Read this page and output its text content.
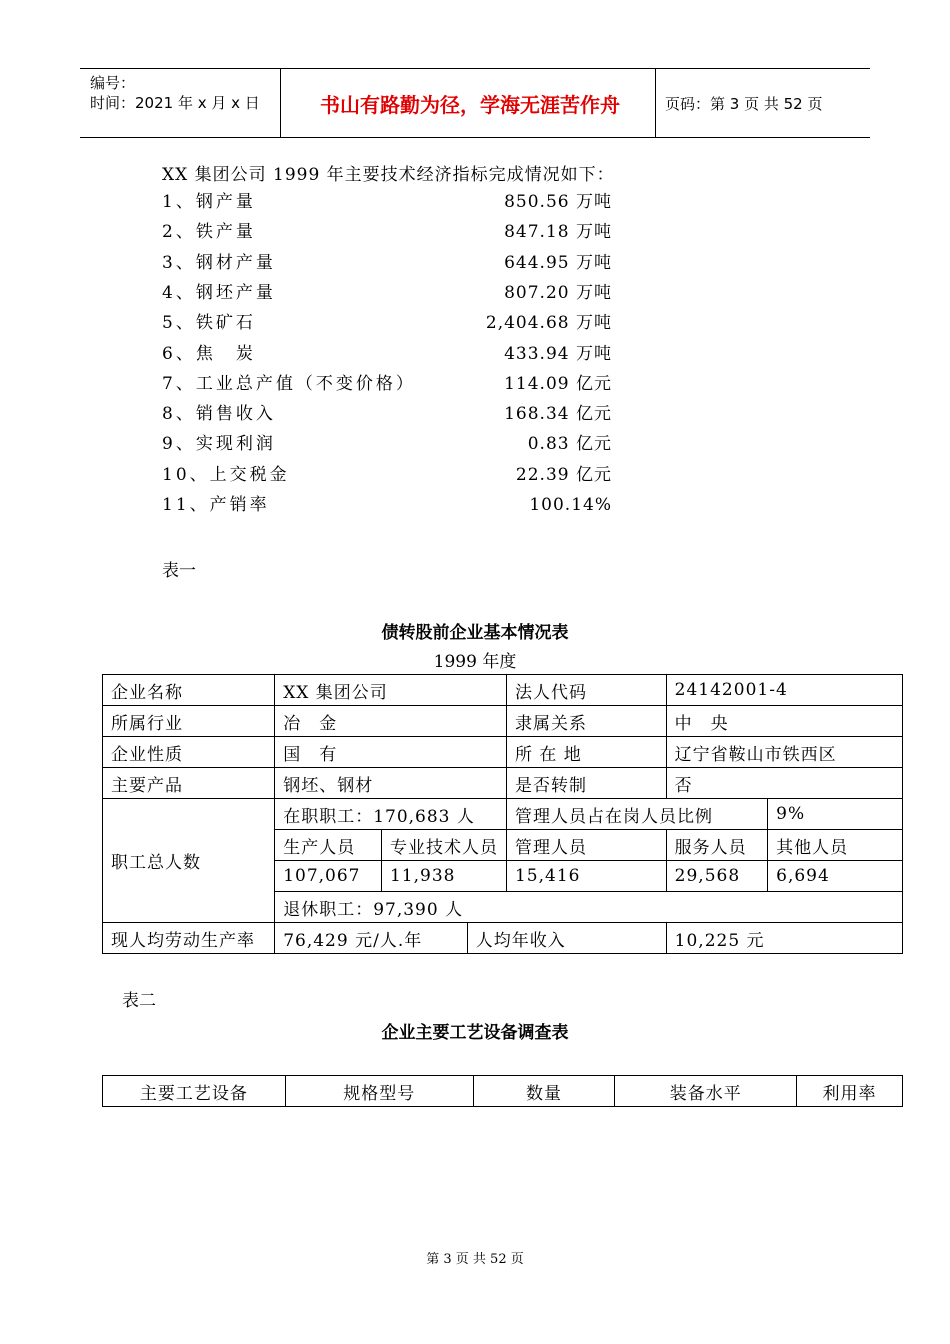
编号：
时间：2021 年 x 月 x 日	书山有路勤为径，学海无涯苦作舟	页码：第 3 页 共 52 页
XX 集团公司 1999 年主要技术经济指标完成情况如下：
1、钢产量	850.56 万吨
2、铁产量	847.18 万吨
3、钢材产量	644.95 万吨
4、钢坯产量	807.20 万吨
5、铁矿石	2,404.68 万吨
6、焦　炭	433.94 万吨
7、工业总产值（不变价格）	114.09 亿元
8、销售收入	168.34 亿元
9、实现利润	0.83 亿元
10、上交税金	22.39 亿元
11、产销率	100.14%
表一
债转股前企业基本情况表
1999 年度
企业名称	XX 集团公司			法人代码	24142001-4	
所属行业	冶　金			隶属关系	中　央	
企业性质	国　有			所 在 地	辽宁省鞍山市铁西区	
主要产品	钢坯、钢材			是否转制	否	
职工总人数	在职职工：170,683 人			管理人员占在岗人员比例		9%
	生产人员	专业技术人员		管理人员	服务人员	其他人员
	107,067	11,938		15,416	29,568	6,694
	退休职工：97,390 人					
现人均劳动生产率	76,429 元/人.年		人均年收入		10,225 元	
表二
企业主要工艺设备调查表
主要工艺设备	规格型号	数量	装备水平	利用率
第 3 页 共 52 页
